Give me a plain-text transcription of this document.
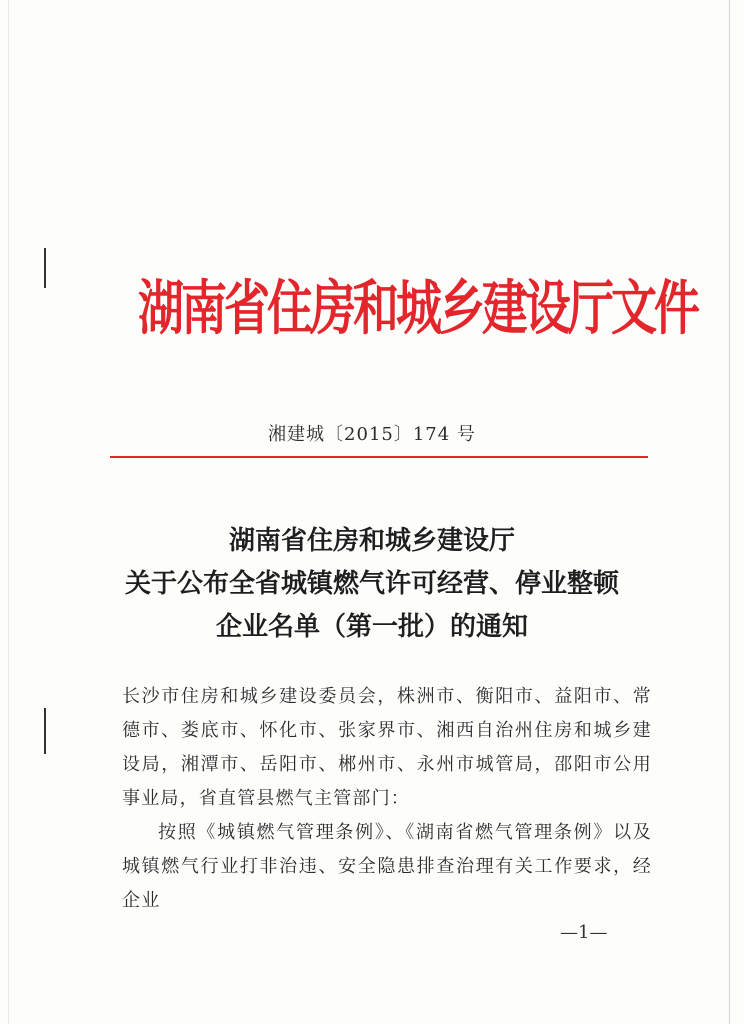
湖南省住房和城乡建设厅文件
湘建城〔2015〕174 号
湖南省住房和城乡建设厅
关于公布全省城镇燃气许可经营、停业整顿
企业名单（第一批）的通知

长沙市住房和城乡建设委员会，株洲市、衡阳市、益阳市、常德市、娄底市、怀化市、张家界市、湘西自治州住房和城乡建设局，湘潭市、岳阳市、郴州市、永州市城管局，邵阳市公用事业局，省直管县燃气主管部门：

按照《城镇燃气管理条例》、《湖南省燃气管理条例》以及城镇燃气行业打非治违、安全隐患排查治理有关工作要求，经企业

—1—
